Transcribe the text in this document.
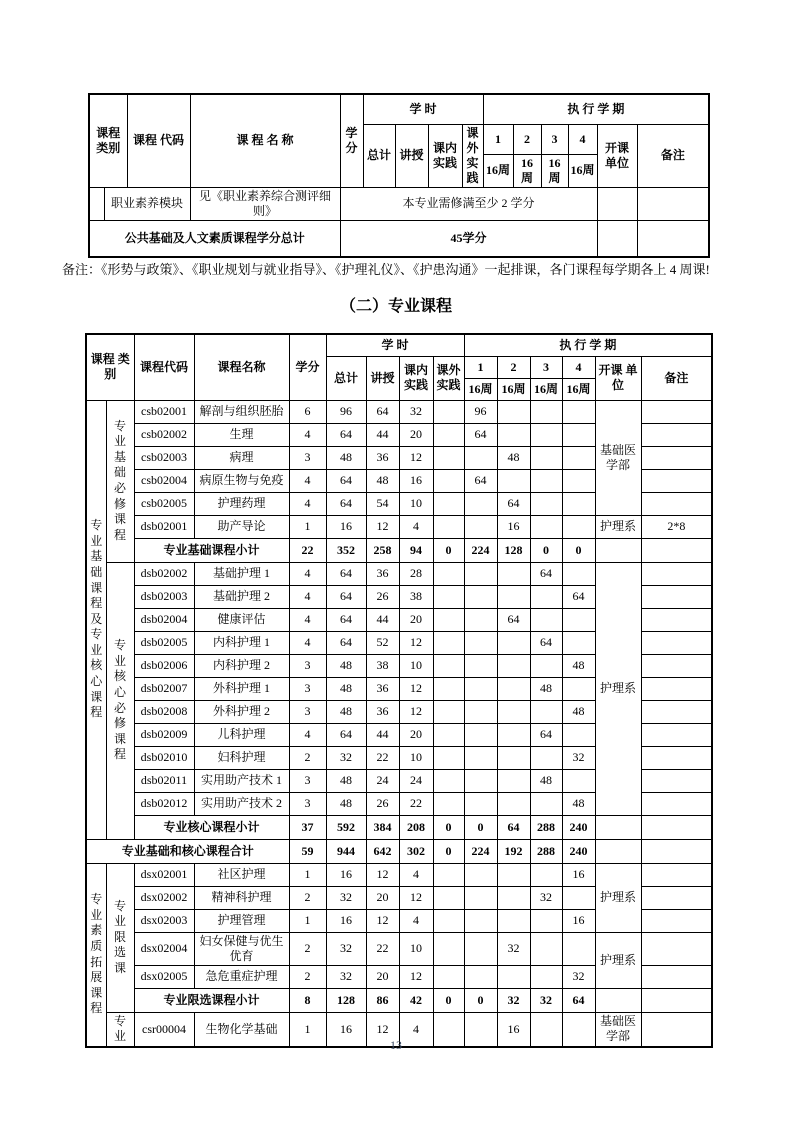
课程 类别		课程 代码	课 程 名 称	学分	学 时				执 行 学 期					
					总计	讲授	课内实践	课外实践	1	2	3	4	开课 单位	备注
									16周	16周	16周	16周		
	职业素养模块		见《职业素养综合测评细则》	本专业需修满至少 2 学分										
公共基础及人文素质课程学分总计				45学分										
备注：《形势与政策》、《职业规划与就业指导》、《护理礼仪》、《护患沟通》一起排课，各门课程每学期各上 4 周课!
（二）专业课程
课程 类别		课程代码	课程名称	学分	学 时				执 行 学 期					
					总计	讲授	课内实践	课外实践	1	2	3	4	开课 单位	备注
									16周	16周	16周	16周		
专业基础课程及专业核心课程	专业基础必修课程	csb02001	解剖与组织胚胎	6	96	64	32		96				基础医学部	
		csb02002	生理	4	64	44	20		64					
		csb02003	病理	3	48	36	12			48				
		csb02004	病原生物与免疫	4	64	48	16		64					
		csb02005	护理药理	4	64	54	10			64				
		dsb02001	助产导论	1	16	12	4			16			护理系	2*8
		专业基础课程小计		22	352	258	94	0	224	128	0	0		
	专业核心必修课程	dsb02002	基础护理 1	4	64	36	28				64		护理系	
		dsb02003	基础护理 2	4	64	26	38					64		
		dsb02004	健康评估	4	64	44	20			64				
		dsb02005	内科护理 1	4	64	52	12				64			
		dsb02006	内科护理 2	3	48	38	10					48		
		dsb02007	外科护理 1	3	48	36	12				48			
		dsb02008	外科护理 2	3	48	36	12					48		
		dsb02009	儿科护理	4	64	44	20				64			
		dsb02010	妇科护理	2	32	22	10					32		
		dsb02011	实用助产技术 1	3	48	24	24				48			
		dsb02012	实用助产技术 2	3	48	26	22					48		
		专业核心课程小计		37	592	384	208	0	0	64	288	240		
专业基础和核心课程合计				59	944	642	302	0	224	192	288	240		
专业素质拓展课程	专业限选课	dsx02001	社区护理	1	16	12	4					16	护理系	
		dsx02002	精神科护理	2	32	20	12				32			
		dsx02003	护理管理	1	16	12	4					16		
		dsx02004	妇女保健与优生优育	2	32	22	10			32			护理系	
		dsx02005	急危重症护理	2	32	20	12					32		
		专业限选课程小计		8	128	86	42	0	0	32	32	64		
	专业	csr00004	生物化学基础	1	16	12	4			16			基础医学部	
13
